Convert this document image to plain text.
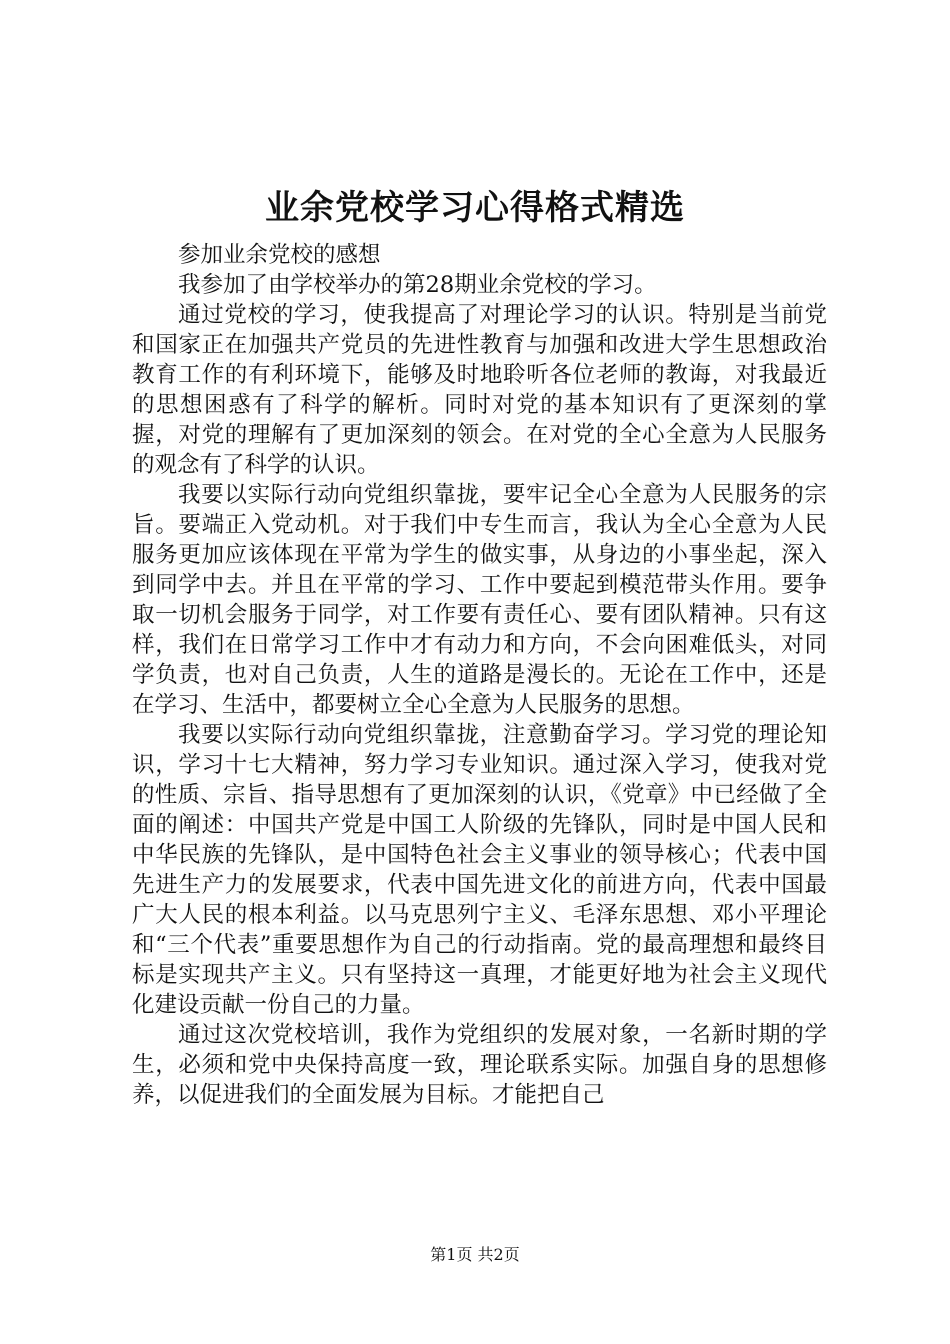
业余党校学习心得格式精选

参加业余党校的感想

我参加了由学校举办的第28期业余党校的学习。

通过党校的学习，使我提高了对理论学习的认识。特别是当前党和国家正在加强共产党员的先进性教育与加强和改进大学生思想政治教育工作的有利环境下，能够及时地聆听各位老师的教诲，对我最近的思想困惑有了科学的解析。同时对党的基本知识有了更深刻的掌握，对党的理解有了更加深刻的领会。在对党的全心全意为人民服务的观念有了科学的认识。

我要以实际行动向党组织靠拢，要牢记全心全意为人民服务的宗旨。要端正入党动机。对于我们中专生而言，我认为全心全意为人民服务更加应该体现在平常为学生的做实事，从身边的小事坐起，深入到同学中去。并且在平常的学习、工作中要起到模范带头作用。要争取一切机会服务于同学，对工作要有责任心、要有团队精神。只有这样，我们在日常学习工作中才有动力和方向，不会向困难低头，对同学负责，也对自己负责，人生的道路是漫长的。无论在工作中，还是在学习、生活中，都要树立全心全意为人民服务的思想。

我要以实际行动向党组织靠拢，注意勤奋学习。学习党的理论知识，学习十七大精神，努力学习专业知识。通过深入学习，使我对党的性质、宗旨、指导思想有了更加深刻的认识，《党章》中已经做了全面的阐述：中国共产党是中国工人阶级的先锋队，同时是中国人民和中华民族的先锋队，是中国特色社会主义事业的领导核心；代表中国先进生产力的发展要求，代表中国先进文化的前进方向，代表中国最广大人民的根本利益。以马克思列宁主义、毛泽东思想、邓小平理论和“三个代表”重要思想作为自己的行动指南。党的最高理想和最终目标是实现共产主义。只有坚持这一真理，才能更好地为社会主义现代化建设贡献一份自己的力量。

通过这次党校培训，我作为党组织的发展对象，一名新时期的学生，必须和党中央保持高度一致，理论联系实际。加强自身的思想修养，以促进我们的全面发展为目标。才能把自己

第1页 共2页
